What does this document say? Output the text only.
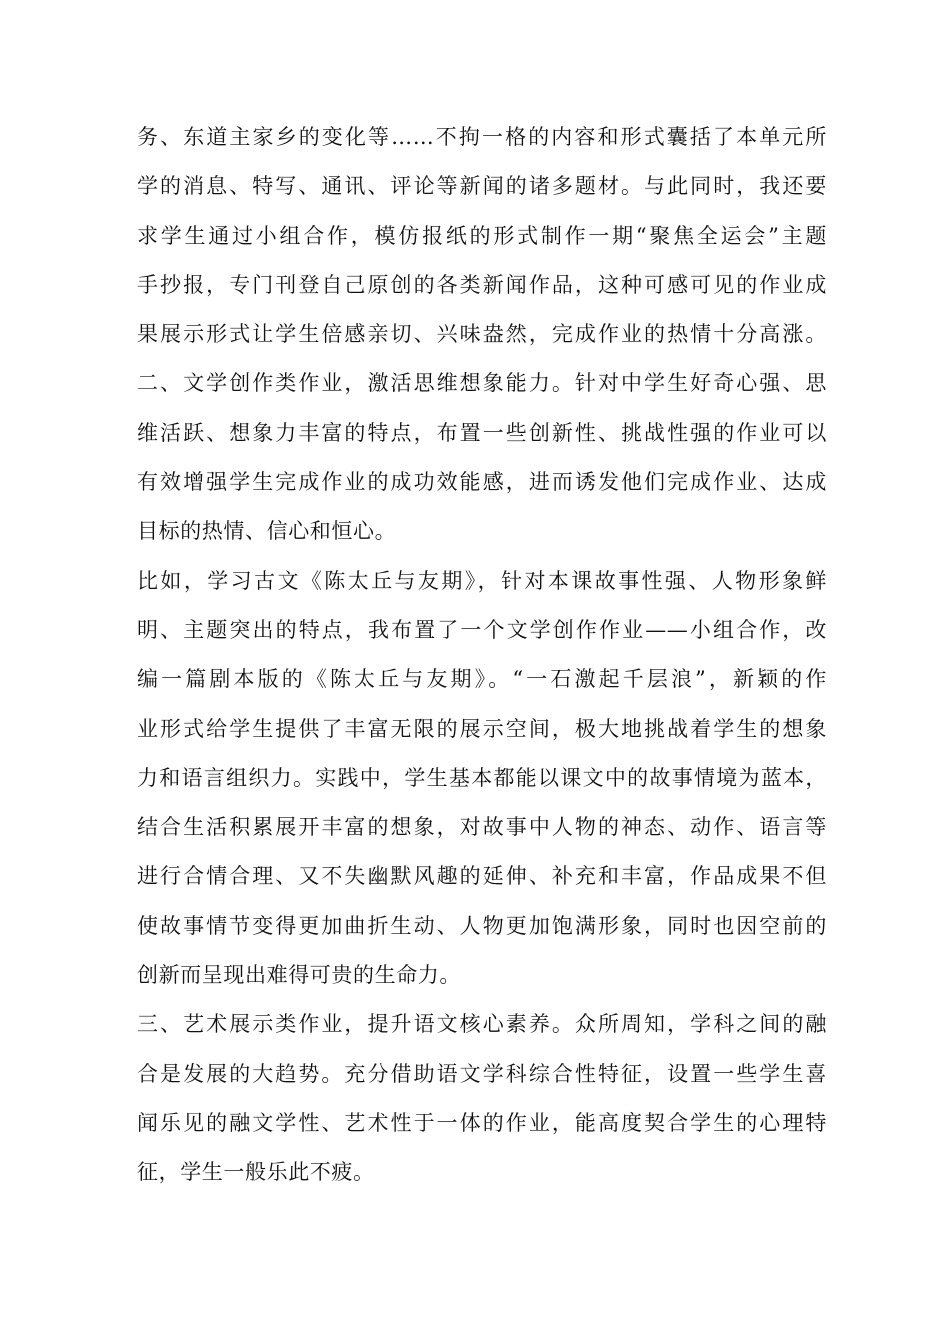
务、东道主家乡的变化等……不拘一格的内容和形式囊括了本单元所
学的消息、特写、通讯、评论等新闻的诸多题材。与此同时，我还要
求学生通过小组合作，模仿报纸的形式制作一期“聚焦全运会”主题
手抄报，专门刊登自己原创的各类新闻作品，这种可感可见的作业成
果展示形式让学生倍感亲切、兴味盎然，完成作业的热情十分高涨。
二、文学创作类作业，激活思维想象能力。针对中学生好奇心强、思
维活跃、想象力丰富的特点，布置一些创新性、挑战性强的作业可以
有效增强学生完成作业的成功效能感，进而诱发他们完成作业、达成
目标的热情、信心和恒心。
比如，学习古文《陈太丘与友期》，针对本课故事性强、人物形象鲜
明、主题突出的特点，我布置了一个文学创作作业——小组合作，改
编一篇剧本版的《陈太丘与友期》。“一石激起千层浪”，新颖的作
业形式给学生提供了丰富无限的展示空间，极大地挑战着学生的想象
力和语言组织力。实践中，学生基本都能以课文中的故事情境为蓝本，
结合生活积累展开丰富的想象，对故事中人物的神态、动作、语言等
进行合情合理、又不失幽默风趣的延伸、补充和丰富，作品成果不但
使故事情节变得更加曲折生动、人物更加饱满形象，同时也因空前的
创新而呈现出难得可贵的生命力。
三、艺术展示类作业，提升语文核心素养。众所周知，学科之间的融
合是发展的大趋势。充分借助语文学科综合性特征，设置一些学生喜
闻乐见的融文学性、艺术性于一体的作业，能高度契合学生的心理特
征，学生一般乐此不疲。
